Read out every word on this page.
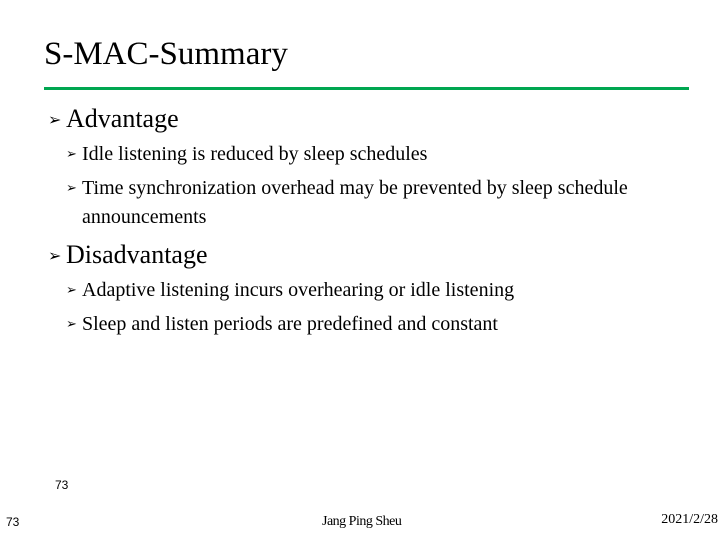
S-MAC-Summary
➢ Advantage
➢ Idle listening is reduced by sleep schedules
➢ Time synchronization overhead may be prevented by sleep schedule announcements
➢ Disadvantage
➢ Adaptive listening incurs overhearing or idle listening
➢ Sleep and listen periods are predefined and constant
73
73
Jang Ping Sheu	2021/2/28
